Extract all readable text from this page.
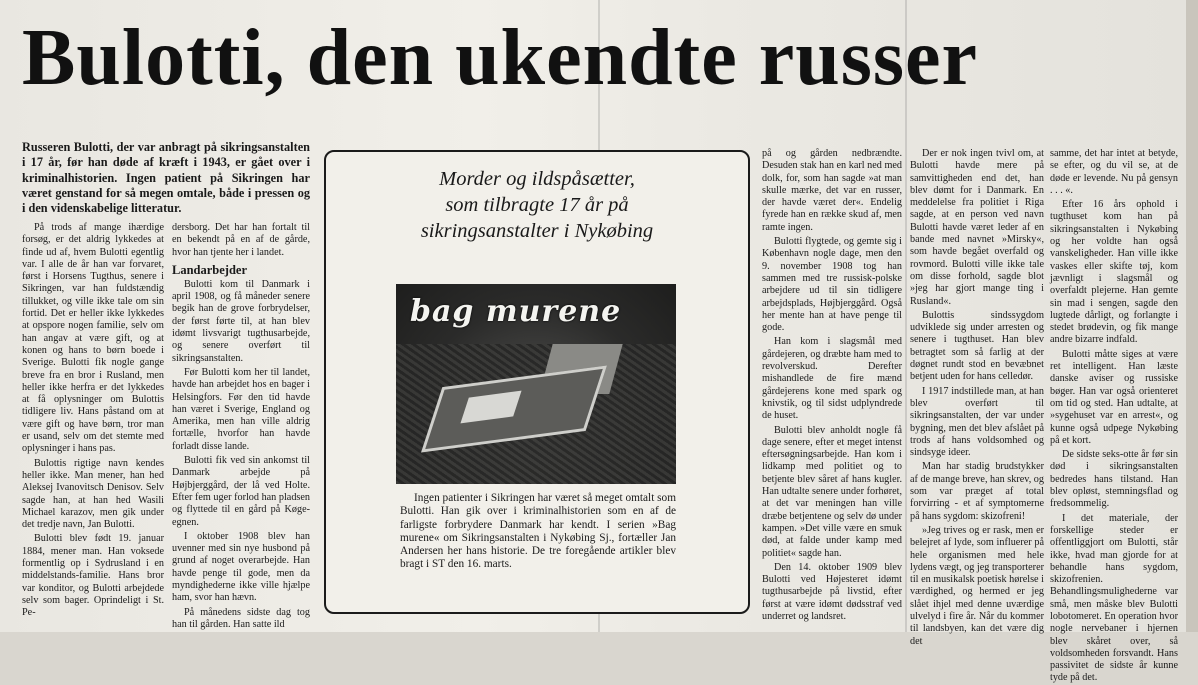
Bulotti, den ukendte russer
Russeren Bulotti, der var anbragt på sikringsanstalten i 17 år, før han døde af kræft i 1943, er gået over i kriminalhistorien. Ingen patient på Sikringen har været genstand for så megen omtale, både i pressen og i den videnskabelige litteratur.

På trods af mange ihærdige forsøg, er det aldrig lykkedes at finde ud af, hvem Bulotti egentlig var. I alle de år han var forvaret, først i Horsens Tugthus, senere i Sikringen, var han fuldstændig tillukket, og ville ikke tale om sin fortid. Det er heller ikke lykkedes at opspore nogen familie, selv om han angav at være gift, og at konen og hans to børn boede i Sverige. Bulotti fik nogle gange breve fra en bror i Rusland, men heller ikke herfra er det lykkedes at få oplysninger om Bulottis tidligere liv. Hans påstand om at være gift og have børn, tror man er usand, selv om det stemte med oplysninger i hans pas.

Bulottis rigtige navn kendes heller ikke. Man mener, han hed Aleksej Ivanovitsch Denisov. Selv sagde han, at han hed Wasili Michael karazov, men gik under det tredje navn, Jan Bulotti.

Bulotti blev født 19. januar 1884, mener man. Han voksede formentlig op i Sydrusland i en middelstands-familie. Hans bror var konditor, og Bulotti arbejdede selv som bager. Oprindeligt i St. Pe-

dersborg. Det har han fortalt til en bekendt på en af de gårde, hvor han tjente her i landet.

Landarbejder

Bulotti kom til Danmark i april 1908, og få måneder senere begik han de grove forbrydelser, der først førte til, at han blev idømt livsvarigt tugthusarbejde, og senere overført til sikringsanstalten.

Før Bulotti kom her til landet, havde han arbejdet hos en bager i Helsingfors. Før den tid havde han været i Sverige, England og Amerika, men han ville aldrig fortælle, hvorfor han havde forladt disse lande.

Bulotti fik ved sin ankomst til Danmark arbejde på Højbjerggård, der lå ved Holte. Efter fem uger forlod han pladsen og flyttede til en gård på Køge-egnen.

I oktober 1908 blev han uvenner med sin nye husbond på grund af noget overarbejde. Han havde penge til gode, men da myndighederne ikke ville hjælpe ham, svor han hævn.

På månedens sidste dag tog han til gården. Han satte ild

Morder og ildspåsætter,
som tilbragte 17 år på
sikringsanstalter i Nykøbing
bag murene

Ingen patienter i Sikringen har været så meget omtalt som Bulotti. Han gik over i kriminalhistorien som en af de farligste forbrydere Danmark har kendt. I serien »Bag murene« om Sikringsanstalten i Nykøbing Sj., fortæller Jan Andersen her hans historie. De tre foregående artikler blev bragt i ST den 16. marts.

på og gården nedbrændte. Desuden stak han en karl ned med dolk, for, som han sagde »at man skulle mærke, det var en russer, der havde været der«. Endelig fyrede han en række skud af, men ramte ingen.

Bulotti flygtede, og gemte sig i København nogle dage, men den 9. november 1908 tog han sammen med tre russisk-polske arbejdere ud til sin tidligere arbejdsplads, Højbjerggård. Også her mente han at have penge til gode.

Han kom i slagsmål med gårdejeren, og dræbte ham med to revolverskud. Derefter mishandlede de fire mænd gårdejerens kone med spark og knivstik, og til sidst udplyndrede de huset.

Bulotti blev anholdt nogle få dage senere, efter et meget intenst eftersøgningsarbejde. Han kom i lidkamp med politiet og to betjente blev såret af hans kugler. Han udtalte senere under forhøret, at det var meningen han ville dræbe betjentene og selv dø under kampen. »Det ville være en smuk død, at falde under kamp med politiet« sagde han.

Den 14. oktober 1909 blev Bulotti ved Højesteret idømt tugthusarbejde på livstid, efter først at være idømt dødsstraf ved underret og landsret.

Der er nok ingen tvivl om, at Bulotti havde mere på samvittigheden end det, han blev dømt for i Danmark. En meddelelse fra politiet i Riga sagde, at en person ved navn Bulotti havde været leder af en bande med navnet »Mirsky«, som havde begået overfald og rovmord. Bulotti ville ikke tale om disse forhold, sagde blot »jeg har gjort mange ting i Rusland«.

Bulottis sindssygdom udviklede sig under arresten og senere i tugthuset. Han blev betragtet som så farlig at der døgnet rundt stod en bevæbnet betjent uden for hans celledør.

I 1917 indstillede man, at han blev overført til sikringsanstalten, der var under bygning, men det blev afslået på trods af hans voldsomhed og sindsyge ideer.

Man har stadig brudstykker af de mange breve, han skrev, og som var præget af total forvirring - et af symptomerne på hans sygdom: skizofreni!

»Jeg trives og er rask, men er belejret af lyde, som influerer på hele organismen med hele lydens vægt, og jeg transporterer til en musikalsk poetisk hørelse i værdighed, og hermed er jeg slået ihjel med denne uværdige ulvelyd i fire år. Når du kommer til landsbyen, kan det være dig det

samme, det har intet at betyde, se efter, og du vil se, at de døde er levende. Nu på gensyn . . . «.

Efter 16 års ophold i tugthuset kom han på sikringsanstalten i Nykøbing og her voldte han også vanskeligheder. Han ville ikke vaskes eller skifte tøj, kom jævnligt i slagsmål og overfaldt plejerne. Han gemte sin mad i sengen, sagde den lugtede dårligt, og forlangte i stedet brødevin, og fik mange andre bizarre indfald.

Bulotti måtte siges at være ret intelligent. Han læste danske aviser og russiske bøger. Han var også orienteret om tid og sted. Han udtalte, at »sygehuset var en arrest«, og kunne også udpege Nykøbing på et kort.

De sidste seks-otte år før sin død i sikringsanstalten bedredes hans tilstand. Han blev opløst, stemningsflad og fredsommelig.

I det materiale, der forskellige steder er offentliggjort om Bulotti, står ikke, hvad man gjorde for at behandle hans sygdom, skizofrenien. Behandlingsmulighederne var små, men måske blev Bulotti lobotomeret. En operation hvor nogle nervebaner i hjernen blev skåret over, så voldsomheden forsvandt. Hans passivitet de sidste år kunne tyde på det.
